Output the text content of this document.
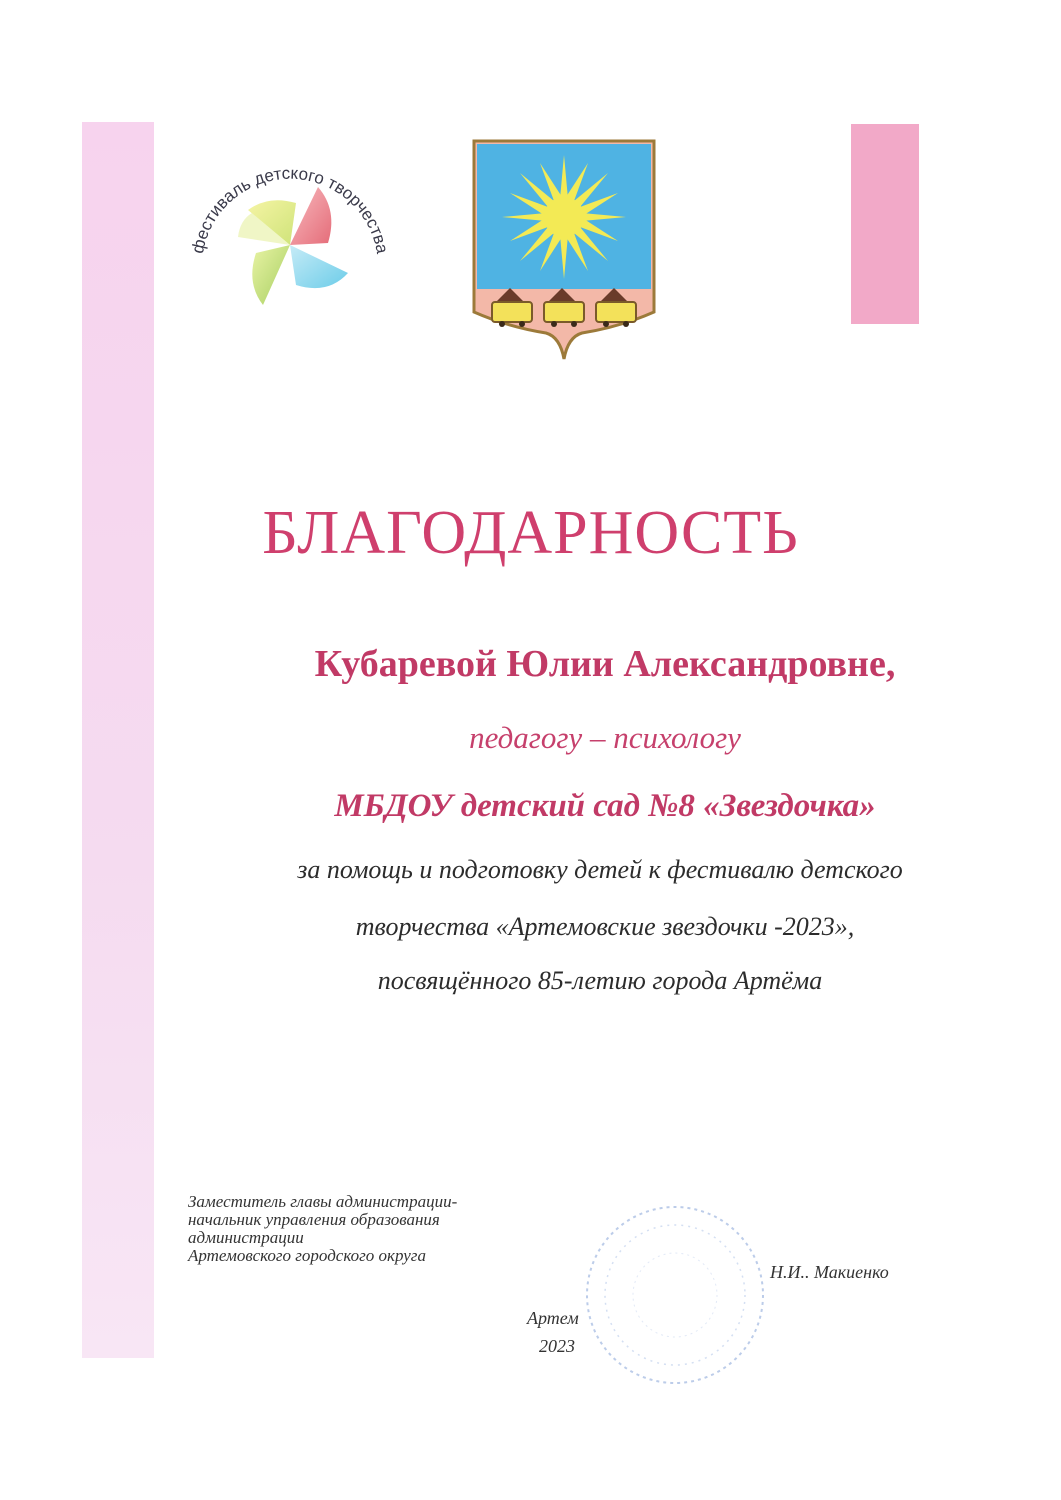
фестиваль детского творчества
БЛАГОДАРНОСТЬ
Кубаревой Юлии Александровне,
педагогу – психологу
МБДОУ детский сад №8 «Звездочка»
за помощь и подготовку детей к фестивалю детского
творчества «Артемовские звездочки -2023»,
посвящённого 85-летию города Артёма
Заместитель главы администрации-
начальник управления образования
администрации
Артемовского городского округа
Н.И.. Макиенко
Артем
2023
